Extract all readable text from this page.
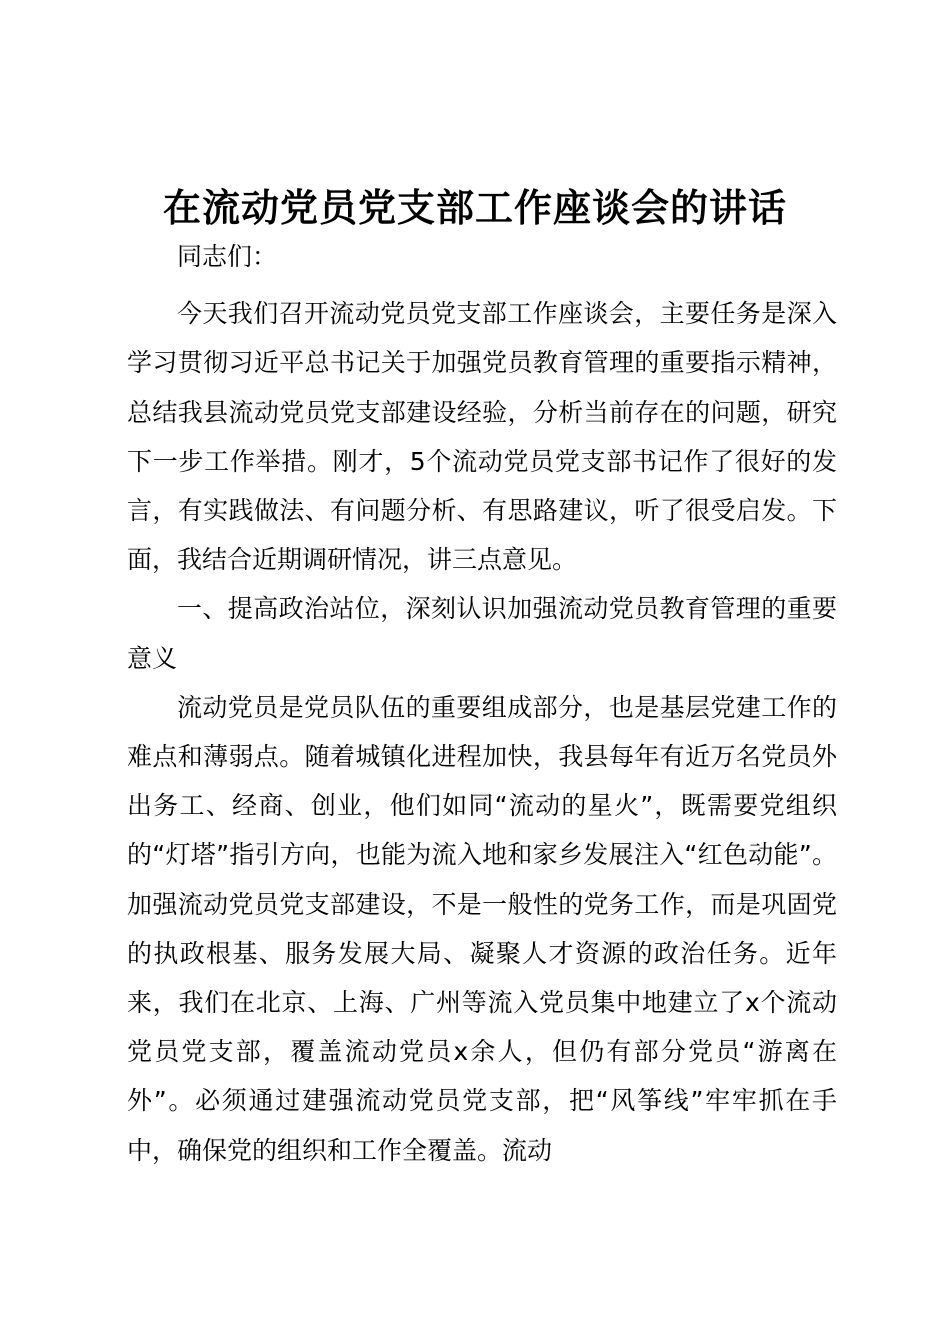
在流动党员党支部工作座谈会的讲话

同志们：

今天我们召开流动党员党支部工作座谈会，主要任务是深入学习贯彻习近平总书记关于加强党员教育管理的重要指示精神，总结我县流动党员党支部建设经验，分析当前存在的问题，研究下一步工作举措。刚才，5个流动党员党支部书记作了很好的发言，有实践做法、有问题分析、有思路建议，听了很受启发。下面，我结合近期调研情况，讲三点意见。

一、提高政治站位，深刻认识加强流动党员教育管理的重要意义

流动党员是党员队伍的重要组成部分，也是基层党建工作的难点和薄弱点。随着城镇化进程加快，我县每年有近万名党员外出务工、经商、创业，他们如同“流动的星火”，既需要党组织的“灯塔”指引方向，也能为流入地和家乡发展注入“红色动能”。加强流动党员党支部建设，不是一般性的党务工作，而是巩固党的执政根基、服务发展大局、凝聚人才资源的政治任务。近年来，我们在北京、上海、广州等流入党员集中地建立了x个流动党员党支部，覆盖流动党员x余人，但仍有部分党员“游离在外”。必须通过建强流动党员党支部，把“风筝线”牢牢抓在手中，确保党的组织和工作全覆盖。流动
